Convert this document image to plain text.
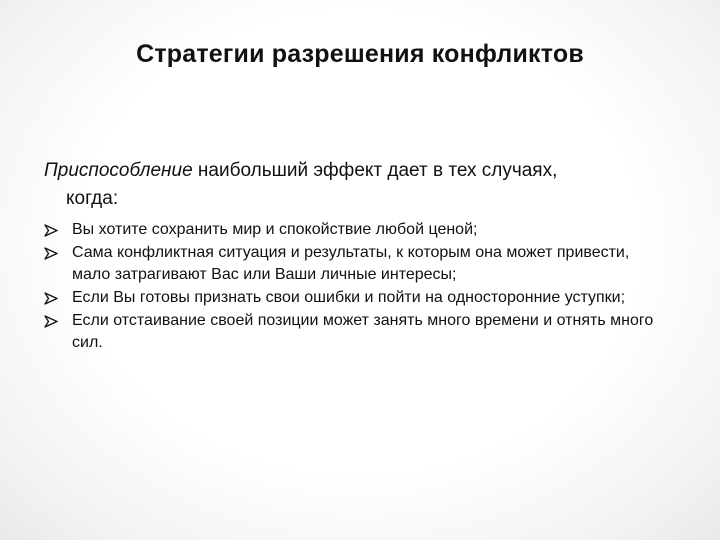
Стратегии разрешения конфликтов
Приспособление наибольший эффект дает в тех случаях,
когда:
Вы хотите сохранить мир и спокойствие любой ценой;
Сама конфликтная ситуация и результаты, к которым она может привести, мало затрагивают Вас или Ваши личные интересы;
Если Вы готовы признать свои ошибки и пойти на односторонние уступки;
Если отстаивание своей позиции может занять много времени и отнять много сил.
